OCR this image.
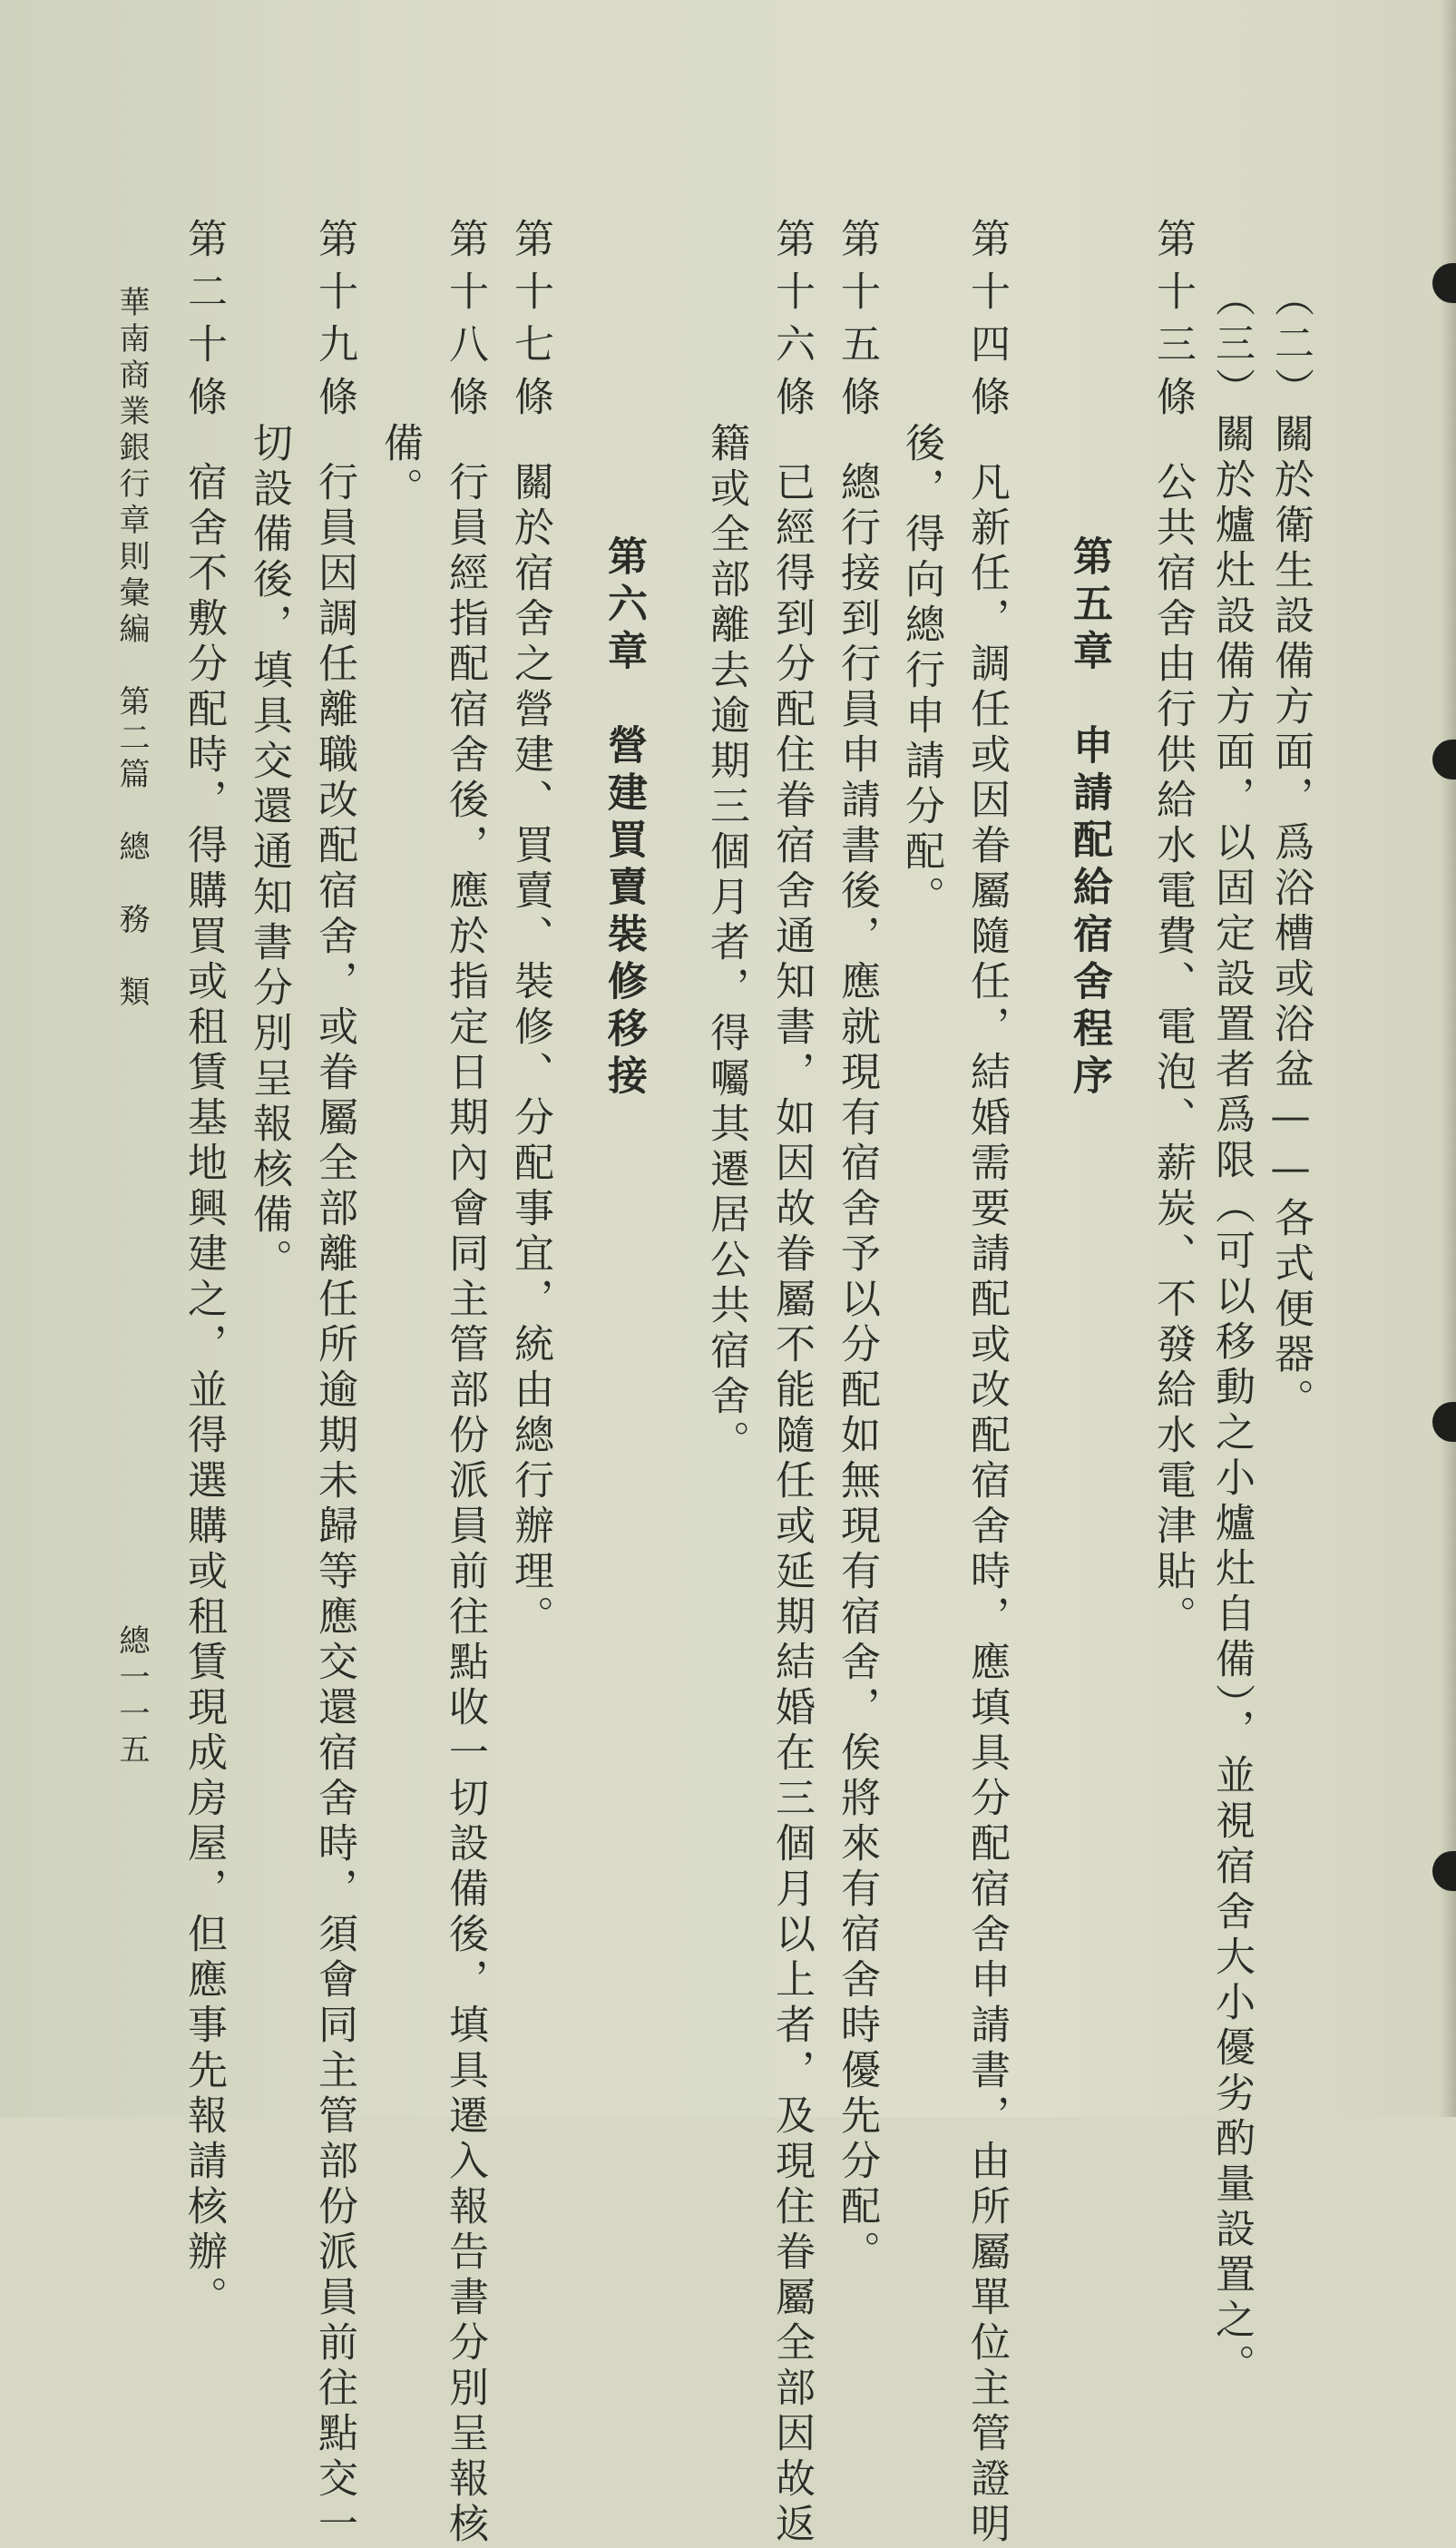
（二）關於衛生設備方面，爲浴槽或浴盆——各式便器。
第十三條公共宿舍由行供給水電費、電泡、薪炭、不發給水電津貼。 （三）關於爐灶設備方面，以固定設置者爲限（可以移動之小爐灶自備），並視宿舍大小優劣酌量設置之。
第五章　申請配給宿舍程序
第十四條凡新任，調任或因眷屬隨任，結婚需要請配或改配宿舍時，應填具分配宿舍申請書，由所屬單位主管證明
後，得向總行申請分配。
第十五條總行接到行員申請書後，應就現有宿舍予以分配如無現有宿舍，俟將來有宿舍時優先分配。
第十六條已經得到分配住眷宿舍通知書，如因故眷屬不能隨任或延期結婚在三個月以上者，及現住眷屬全部因故返
籍或全部離去逾期三個月者，得囑其遷居公共宿舍。
第六章　營建買賣裝修移接
第十七條關於宿舍之營建、買賣、裝修、分配事宜，統由總行辦理。
第十八條行員經指配宿舍後，應於指定日期內會同主管部份派員前往點收一切設備後，填具遷入報告書分別呈報核
備。
第十九條行員因調任離職改配宿舍，或眷屬全部離任所逾期未歸等應交還宿舍時，須會同主管部份派員前往點交一
切設備後，填具交還通知書分別呈報核備。
第二十條宿舍不敷分配時，得購買或租賃基地興建之，並得選購或租賃現成房屋，但應事先報請核辦。
華南商業銀行章則彙編　第二篇　總　務　類
總一一五
